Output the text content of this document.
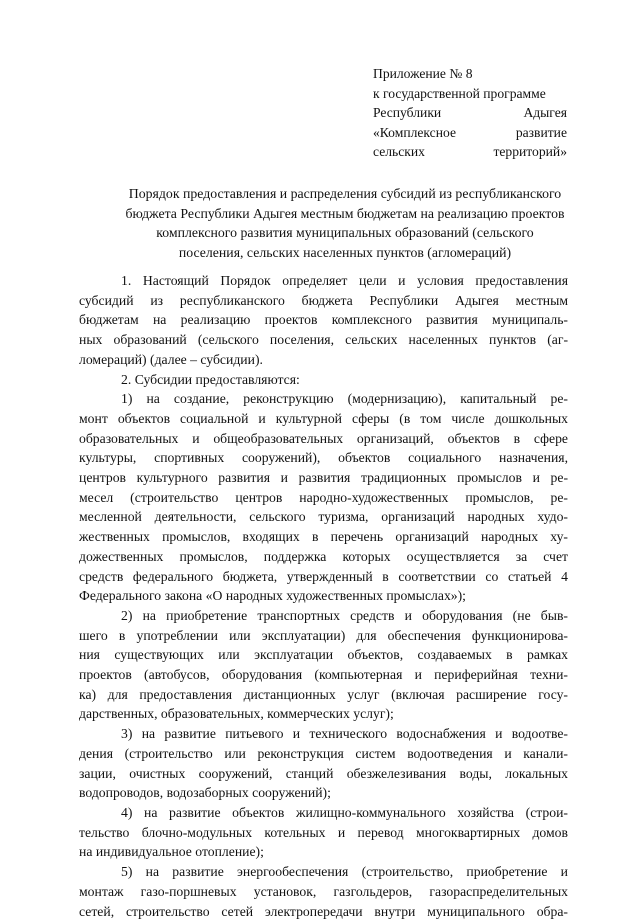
Приложение № 8
к государственной программе
Республики	Адыгея
«Комплексное	развитие
сельских	территорий»
Порядок предоставления и распределения субсидий из республиканского
бюджета Республики Адыгея местным бюджетам на реализацию проектов
комплексного развития муниципальных образований (сельского
поселения, сельских населенных пунктов (агломераций)
1. Настоящий Порядок определяет цели и условия предоставления
субсидий из республиканского бюджета Республики Адыгея местным
бюджетам на реализацию проектов комплексного развития муниципаль-
ных образований (сельского поселения, сельских населенных пунктов (аг-
ломераций) (далее – субсидии).
2. Субсидии предоставляются:
1) на создание, реконструкцию (модернизацию), капитальный ре-
монт объектов социальной и культурной сферы (в том числе дошкольных
образовательных и общеобразовательных организаций, объектов в сфере
культуры, спортивных сооружений), объектов социального назначения,
центров культурного развития и развития традиционных промыслов и ре-
месел (строительство центров народно-художественных промыслов, ре-
месленной деятельности, сельского туризма, организаций народных худо-
жественных промыслов, входящих в перечень организаций народных ху-
дожественных промыслов, поддержка которых осуществляется за счет
средств федерального бюджета, утвержденный в соответствии со статьей 4
Федерального закона «О народных художественных промыслах»);
2) на приобретение транспортных средств и оборудования (не быв-
шего в употреблении или эксплуатации) для обеспечения функционирова-
ния существующих или эксплуатации объектов, создаваемых в рамках
проектов (автобусов, оборудования (компьютерная и периферийная техни-
ка) для предоставления дистанционных услуг (включая расширение госу-
дарственных, образовательных, коммерческих услуг);
3) на развитие питьевого и технического водоснабжения и водоотве-
дения (строительство или реконструкция систем водоотведения и канали-
зации, очистных сооружений, станций обезжелезивания воды, локальных
водопроводов, водозаборных сооружений);
4) на развитие объектов жилищно-коммунального хозяйства (строи-
тельство блочно-модульных котельных и перевод многоквартирных домов
на индивидуальное отопление);
5) на развитие энергообеспечения (строительство, приобретение и
монтаж газо-поршневых установок, газгольдеров, газораспределительных
сетей, строительство сетей электропередачи внутри муниципального обра-
